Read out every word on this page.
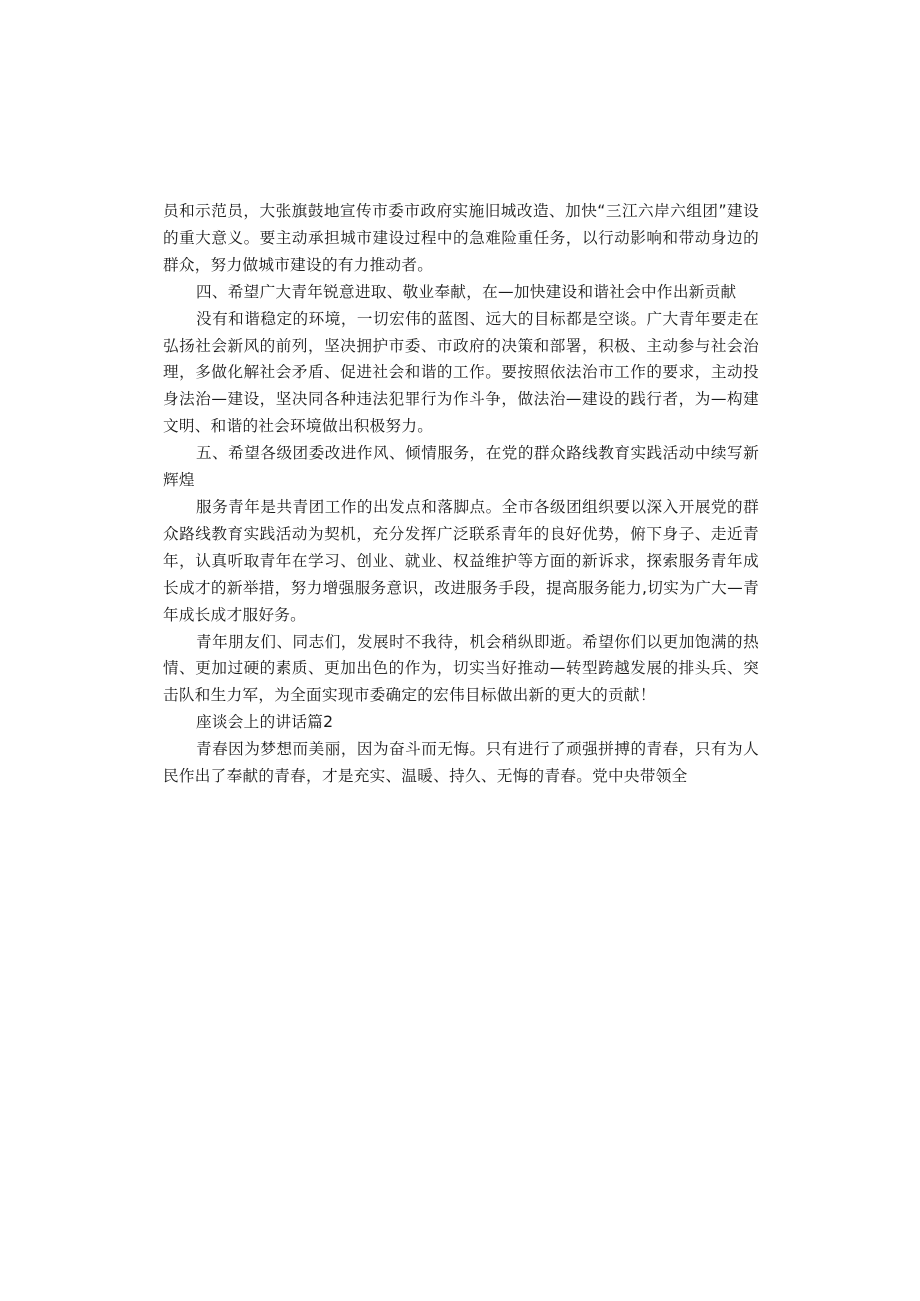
员和示范员，大张旗鼓地宣传市委市政府实施旧城改造、加快“三江六岸六组团”建设的重大意义。要主动承担城市建设过程中的急难险重任务，以行动影响和带动身边的群众，努力做城市建设的有力推动者。

四、希望广大青年锐意进取、敬业奉献，在—加快建设和谐社会中作出新贡献

没有和谐稳定的环境，一切宏伟的蓝图、远大的目标都是空谈。广大青年要走在弘扬社会新风的前列，坚决拥护市委、市政府的决策和部署，积极、主动参与社会治理，多做化解社会矛盾、促进社会和谐的工作。要按照依法治市工作的要求，主动投身法治—建设，坚决同各种违法犯罪行为作斗争，做法治—建设的践行者，为—构建文明、和谐的社会环境做出积极努力。

五、希望各级团委改进作风、倾情服务，在党的群众路线教育实践活动中续写新辉煌

服务青年是共青团工作的出发点和落脚点。全市各级团组织要以深入开展党的群众路线教育实践活动为契机，充分发挥广泛联系青年的良好优势，俯下身子、走近青年，认真听取青年在学习、创业、就业、权益维护等方面的新诉求，探索服务青年成长成才的新举措，努力增强服务意识，改进服务手段，提高服务能力,切实为广大—青年成长成才服好务。

青年朋友们、同志们，发展时不我待，机会稍纵即逝。希望你们以更加饱满的热情、更加过硬的素质、更加出色的作为，切实当好推动—转型跨越发展的排头兵、突击队和生力军，为全面实现市委确定的宏伟目标做出新的更大的贡献！

座谈会上的讲话篇2

青春因为梦想而美丽，因为奋斗而无悔。只有进行了顽强拼搏的青春，只有为人民作出了奉献的青春，才是充实、温暖、持久、无悔的青春。党中央带领全
